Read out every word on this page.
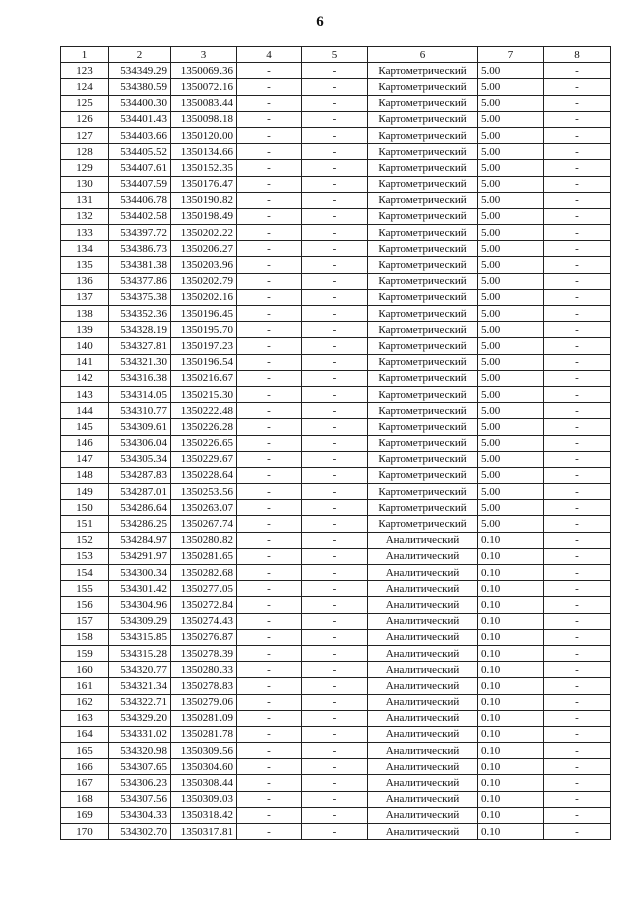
6
1	2	3	4	5	6	7	8
123	534349.29	1350069.36	-	-	Картометрический	5.00	-
124	534380.59	1350072.16	-	-	Картометрический	5.00	-
125	534400.30	1350083.44	-	-	Картометрический	5.00	-
126	534401.43	1350098.18	-	-	Картометрический	5.00	-
127	534403.66	1350120.00	-	-	Картометрический	5.00	-
128	534405.52	1350134.66	-	-	Картометрический	5.00	-
129	534407.61	1350152.35	-	-	Картометрический	5.00	-
130	534407.59	1350176.47	-	-	Картометрический	5.00	-
131	534406.78	1350190.82	-	-	Картометрический	5.00	-
132	534402.58	1350198.49	-	-	Картометрический	5.00	-
133	534397.72	1350202.22	-	-	Картометрический	5.00	-
134	534386.73	1350206.27	-	-	Картометрический	5.00	-
135	534381.38	1350203.96	-	-	Картометрический	5.00	-
136	534377.86	1350202.79	-	-	Картометрический	5.00	-
137	534375.38	1350202.16	-	-	Картометрический	5.00	-
138	534352.36	1350196.45	-	-	Картометрический	5.00	-
139	534328.19	1350195.70	-	-	Картометрический	5.00	-
140	534327.81	1350197.23	-	-	Картометрический	5.00	-
141	534321.30	1350196.54	-	-	Картометрический	5.00	-
142	534316.38	1350216.67	-	-	Картометрический	5.00	-
143	534314.05	1350215.30	-	-	Картометрический	5.00	-
144	534310.77	1350222.48	-	-	Картометрический	5.00	-
145	534309.61	1350226.28	-	-	Картометрический	5.00	-
146	534306.04	1350226.65	-	-	Картометрический	5.00	-
147	534305.34	1350229.67	-	-	Картометрический	5.00	-
148	534287.83	1350228.64	-	-	Картометрический	5.00	-
149	534287.01	1350253.56	-	-	Картометрический	5.00	-
150	534286.64	1350263.07	-	-	Картометрический	5.00	-
151	534286.25	1350267.74	-	-	Картометрический	5.00	-
152	534284.97	1350280.82	-	-	Аналитический	0.10	-
153	534291.97	1350281.65	-	-	Аналитический	0.10	-
154	534300.34	1350282.68	-	-	Аналитический	0.10	-
155	534301.42	1350277.05	-	-	Аналитический	0.10	-
156	534304.96	1350272.84	-	-	Аналитический	0.10	-
157	534309.29	1350274.43	-	-	Аналитический	0.10	-
158	534315.85	1350276.87	-	-	Аналитический	0.10	-
159	534315.28	1350278.39	-	-	Аналитический	0.10	-
160	534320.77	1350280.33	-	-	Аналитический	0.10	-
161	534321.34	1350278.83	-	-	Аналитический	0.10	-
162	534322.71	1350279.06	-	-	Аналитический	0.10	-
163	534329.20	1350281.09	-	-	Аналитический	0.10	-
164	534331.02	1350281.78	-	-	Аналитический	0.10	-
165	534320.98	1350309.56	-	-	Аналитический	0.10	-
166	534307.65	1350304.60	-	-	Аналитический	0.10	-
167	534306.23	1350308.44	-	-	Аналитический	0.10	-
168	534307.56	1350309.03	-	-	Аналитический	0.10	-
169	534304.33	1350318.42	-	-	Аналитический	0.10	-
170	534302.70	1350317.81	-	-	Аналитический	0.10	-
